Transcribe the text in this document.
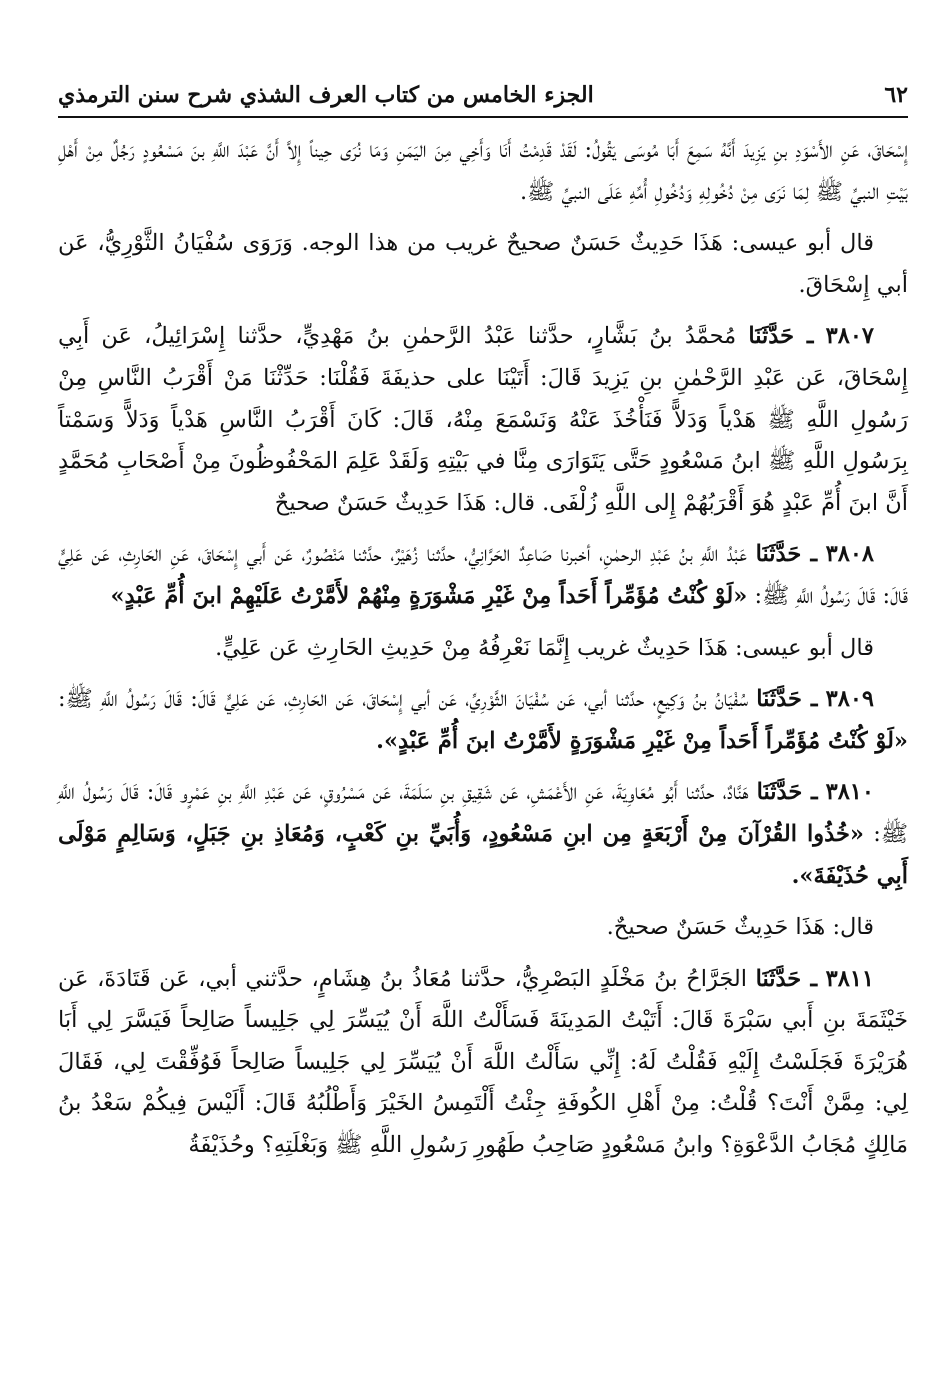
٦٢
الجزء الخامس من كتاب العرف الشذي شرح سنن الترمذي

إِسْحَاقَ، عَنِ الأَسْوَدِ بنِ يَزِيدَ أَنَّهُ سَمِعَ أَبَا مُوسَى يَقُولُ: لَقَدْ قَدِمْتُ أَنَا وَأَخِي مِنَ اليَمَنِ وَمَا نُرَى حِيناً إِلاَّ أَنَّ عَبْدَ اللَّهِ بنَ مَسْعُودٍ رَجُلٌ مِنْ أَهْلِ بَيْتِ النبيِّ ﷺ لِمَا نَرَى مِنْ دُخُولِهِ وَدُخُولِ أُمِّهِ عَلَى النبيِّ ﷺ.

قال أبو عيسى: هَذَا حَدِيثٌ حَسَنٌ صحيحٌ غريب من هذا الوجه. وَرَوَى سُفْيَانُ الثَّوْرِيُّ، عَن أبي إِسْحَاقَ.

٣٨٠٧ ـ حَدَّثَنَا مُحمَّدُ بنُ بَشَّارٍ، حدَّثنا عَبْدُ الرَّحمٰنِ بنُ مَهْدِيٍّ، حدَّثنا إِسْرَائِيلُ، عَن أَبِي إِسْحَاقَ، عَن عَبْدِ الرَّحْمٰنِ بنِ يَزِيدَ قَالَ: أَتَيْنَا على حذيفَةَ فَقُلْنَا: حَدِّثْنَا مَنْ أَقْرَبُ النَّاسِ مِنْ رَسُولِ اللَّهِ ﷺ هَدْياً وَدَلاًّ فَنَأْخُذَ عَنْهُ وَنَسْمَعَ مِنْهُ، قَالَ: كَانَ أَقْرَبُ النَّاسِ هَدْياً وَدَلاًّ وَسَمْتاً بِرَسُولِ اللَّهِ ﷺ ابنُ مَسْعُودٍ حَتَّى يَتَوَارَى مِنَّا في بَيْتِهِ وَلَقَدْ عَلِمَ المَحْفُوظُونَ مِنْ أَصْحَابِ مُحَمَّدٍ أَنَّ ابنَ أُمِّ عَبْدٍ هُوَ أَقْرَبُهُمْ إِلى اللَّهِ زُلْفَى. قال: هَذَا حَدِيثٌ حَسَنٌ صحيحٌ

٣٨٠٨ ـ حَدَّثَنَا عَبْدُ اللَّهِ بنُ عَبْدِ الرحمٰنِ، أخبرنا صَاعِدٌ الحَرَّانِيُّ، حدَّثنا زُهَيْرٌ، حدَّثنا مَنْصُورٌ، عَن أَبي إِسْحَاقَ، عَنِ الحَارِثِ، عَن عَلِيٍّ قَالَ: قَالَ رَسُولُ اللَّهِ ﷺ: «لَوْ كُنْتُ مُؤَمِّراً أَحَداً مِنْ غَيْرِ مَشْوَرَةٍ مِنْهُمْ لأَمَّرْتُ عَلَيْهِمْ ابنَ أُمِّ عَبْدٍ»

قال أبو عيسى: هَذَا حَدِيثٌ غريب إِنَّمَا نَعْرِفُهُ مِنْ حَدِيثِ الحَارِثِ عَن عَلِيٍّ.

٣٨٠٩ ـ حَدَّثَنَا سُفْيَانُ بنُ وَكِيعٍ، حدَّثنا أبي، عَن سُفْيَانَ الثَّوْرِيِّ، عَن أبي إِسْحَاقَ، عَن الحَارِثِ، عَن عَلِيٍّ قَالَ: قَالَ رَسُولُ اللَّهِ ﷺ: «لَوْ كُنْتُ مُؤَمِّراً أَحَداً مِنْ غَيْرِ مَشْوَرَةٍ لأَمَّرْتُ ابنَ أُمِّ عَبْدٍ».

٣٨١٠ ـ حَدَّثَنَا هَنَّادٌ، حدَّثنا أَبُو مُعَاوِيَةَ، عَنِ الأَعْمَشِ، عَن شَقِيقِ بنِ سَلَمَةَ، عَن مَسْرُوقٍ، عَن عَبْدِ اللَّهِ بنِ عَمْرٍو قَالَ: قَالَ رَسُولُ اللَّهِ ﷺ: «خُذُوا القُرْآنَ مِنْ أَرْبَعَةٍ مِن ابنِ مَسْعُودٍ، وَأُبَيِّ بنِ كَعْبٍ، وَمُعَاذِ بنِ جَبَلٍ، وَسَالِمٍ مَوْلَى أَبِي حُذَيْفَةَ».

قال: هَذَا حَدِيثٌ حَسَنٌ صحيحٌ.

٣٨١١ ـ حَدَّثَنَا الجَرَّاحُ بنُ مَخْلَدٍ البَصْرِيُّ، حدَّثنا مُعَاذُ بنُ هِشَامٍ، حدَّثني أبي، عَن قَتَادَةَ، عَن خَيْثَمَةَ بنِ أَبي سَبْرَةَ قَالَ: أَتَيْتُ المَدِينَةَ فَسَأَلْتُ اللَّهَ أَنْ يُيَسِّرَ لِي جَلِيساً صَالِحاً فَيَسَّرَ لِي أَبَا هُرَيْرَةَ فَجَلَسْتُ إِلَيْهِ فَقُلْتُ لَهُ: إِنِّي سَأَلْتُ اللَّهَ أَنْ يُيَسِّرَ لِي جَلِيساً صَالِحاً فَوُفِّقْتَ لِي، فَقَالَ لِي: مِمَّنْ أَنْتَ؟ قُلْتُ: مِنْ أَهْلِ الكُوفَةِ جِئْتُ أَلْتَمِسُ الخَيْرَ وَأَطْلُبُهُ قَالَ: أَلَيْسَ فِيكُمْ سَعْدُ بنُ مَالِكٍ مُجَابُ الدَّعْوَةِ؟ وابنُ مَسْعُودٍ صَاحِبُ طَهُورِ رَسُولِ اللَّهِ ﷺ وَبَغْلَتِهِ؟ وحُذَيْفَةُ
